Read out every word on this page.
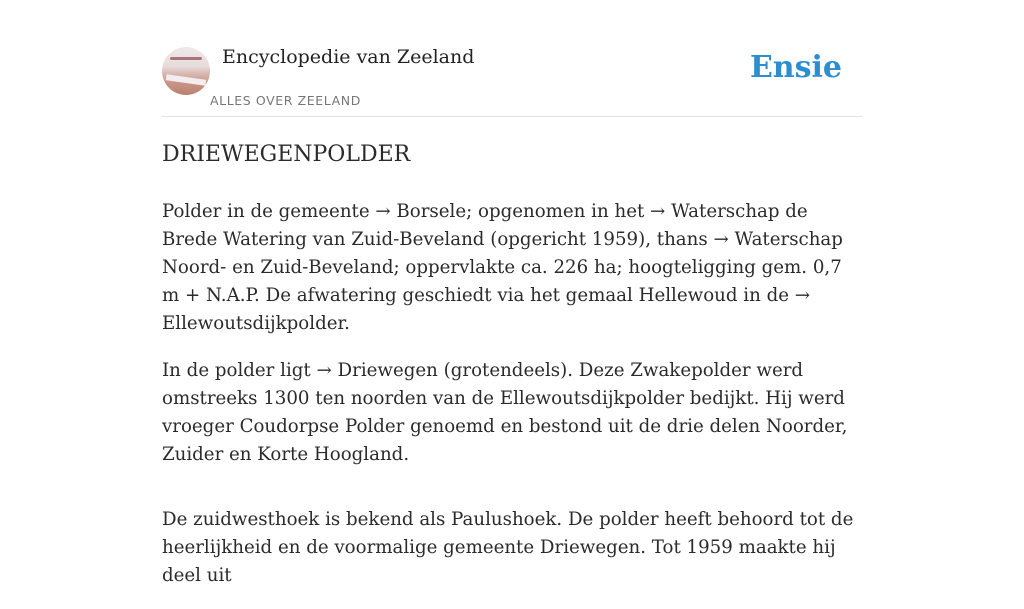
Encyclopedie van Zeeland
ALLES OVER ZEELAND
Ensie
DRIEWEGENPOLDER

Polder in de gemeente → Borsele; opgenomen in het → Waterschap de Brede Watering van Zuid-Beveland (opgericht 1959), thans → Waterschap Noord- en Zuid-Beveland; oppervlakte ca. 226 ha; hoogteligging gem. 0,7 m + N.A.P. De afwatering geschiedt via het gemaal Hellewoud in de → Ellewoutsdijkpolder.

In de polder ligt → Driewegen (grotendeels). Deze Zwakepolder werd omstreeks 1300 ten noorden van de Ellewoutsdijkpolder bedijkt. Hij werd vroeger Coudorpse Polder genoemd en bestond uit de drie delen Noorder, Zuider en Korte Hoogland.

De zuidwesthoek is bekend als Paulushoek. De polder heeft behoord tot de heerlijkheid en de voormalige gemeente Driewegen. Tot 1959 maakte hij deel uit
